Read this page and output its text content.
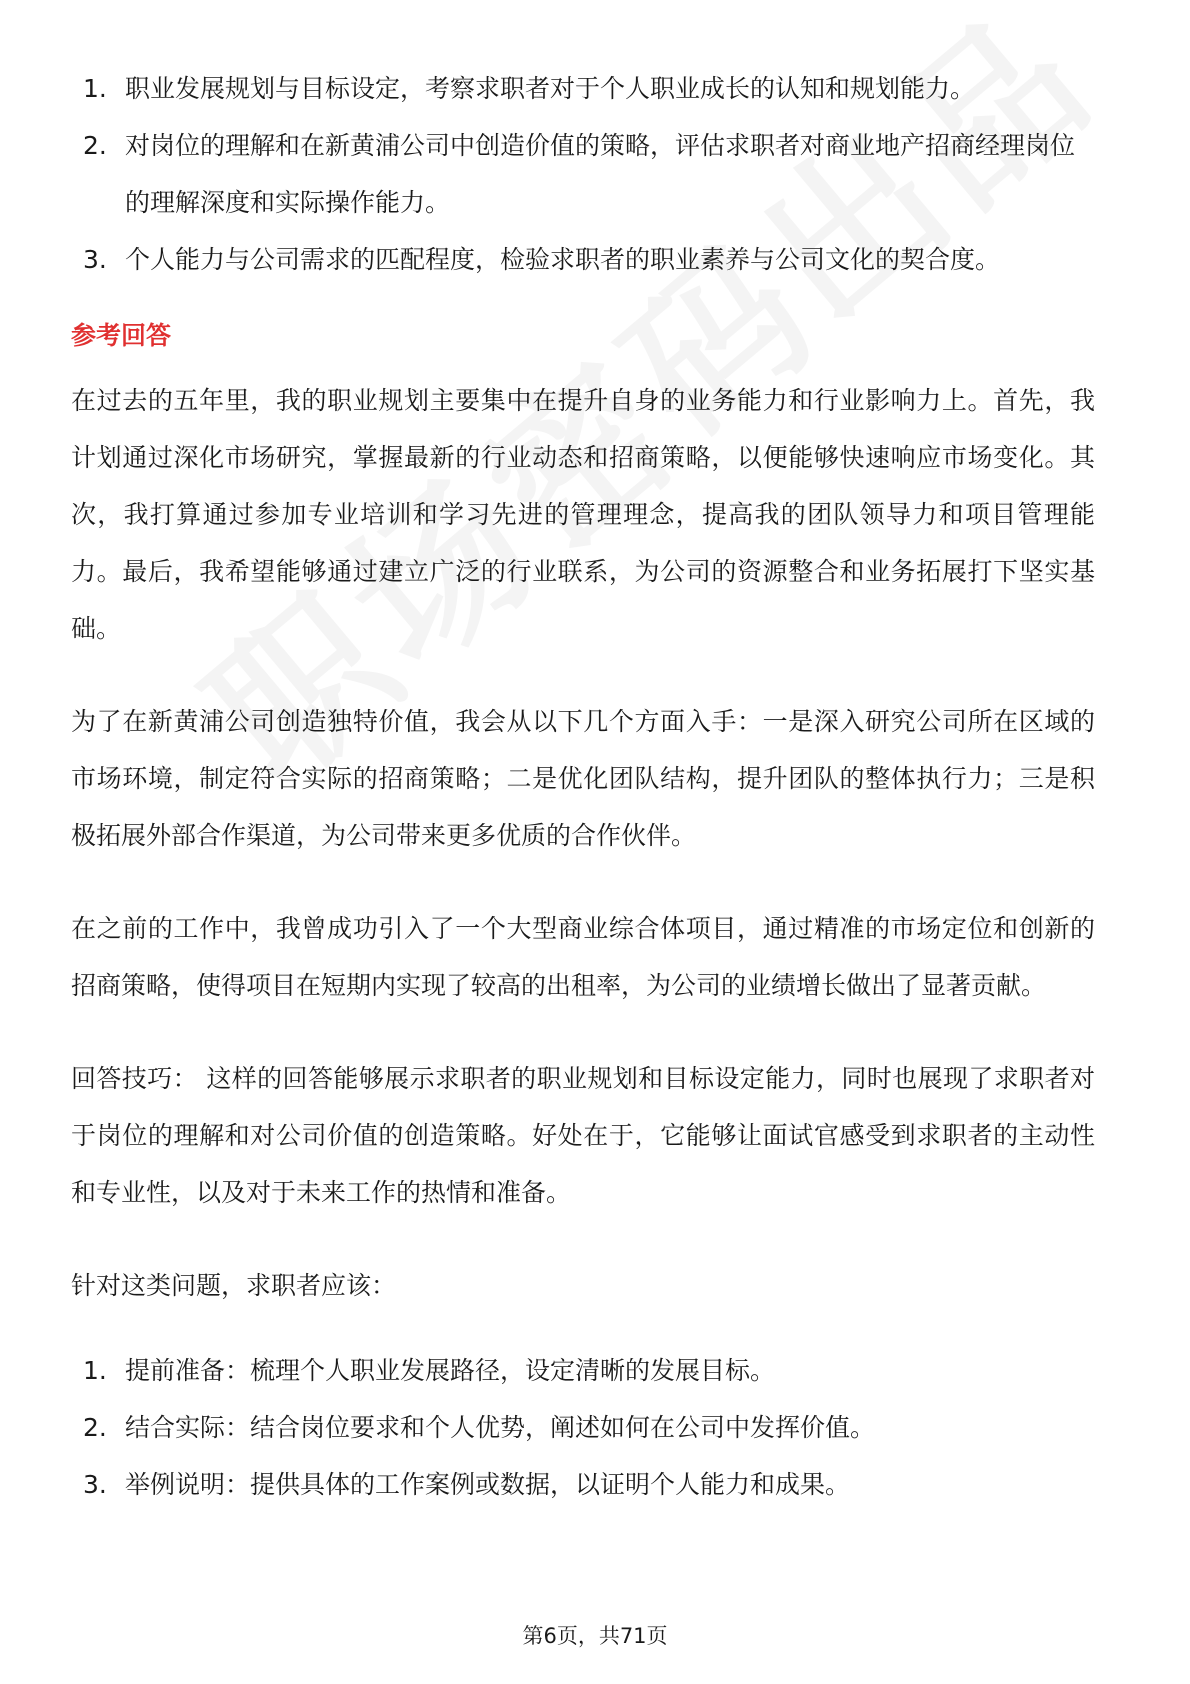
1. 职业发展规划与目标设定，考察求职者对于个人职业成长的认知和规划能力。
2. 对岗位的理解和在新黄浦公司中创造价值的策略，评估求职者对商业地产招商经理岗位的理解深度和实际操作能力。
3. 个人能力与公司需求的匹配程度，检验求职者的职业素养与公司文化的契合度。
参考回答

在过去的五年里，我的职业规划主要集中在提升自身的业务能力和行业影响力上。首先，我计划通过深化市场研究，掌握最新的行业动态和招商策略，以便能够快速响应市场变化。其次，我打算通过参加专业培训和学习先进的管理理念，提高我的团队领导力和项目管理能力。最后，我希望能够通过建立广泛的行业联系，为公司的资源整合和业务拓展打下坚实基础。

为了在新黄浦公司创造独特价值，我会从以下几个方面入手：一是深入研究公司所在区域的市场环境，制定符合实际的招商策略；二是优化团队结构，提升团队的整体执行力；三是积极拓展外部合作渠道，为公司带来更多优质的合作伙伴。

在之前的工作中，我曾成功引入了一个大型商业综合体项目，通过精准的市场定位和创新的招商策略，使得项目在短期内实现了较高的出租率，为公司的业绩增长做出了显著贡献。

回答技巧： 这样的回答能够展示求职者的职业规划和目标设定能力，同时也展现了求职者对于岗位的理解和对公司价值的创造策略。好处在于，它能够让面试官感受到求职者的主动性和专业性，以及对于未来工作的热情和准备。

针对这类问题，求职者应该：

1. 提前准备：梳理个人职业发展路径，设定清晰的发展目标。
2. 结合实际：结合岗位要求和个人优势，阐述如何在公司中发挥价值。
3. 举例说明：提供具体的工作案例或数据，以证明个人能力和成果。
第6页，共71页
